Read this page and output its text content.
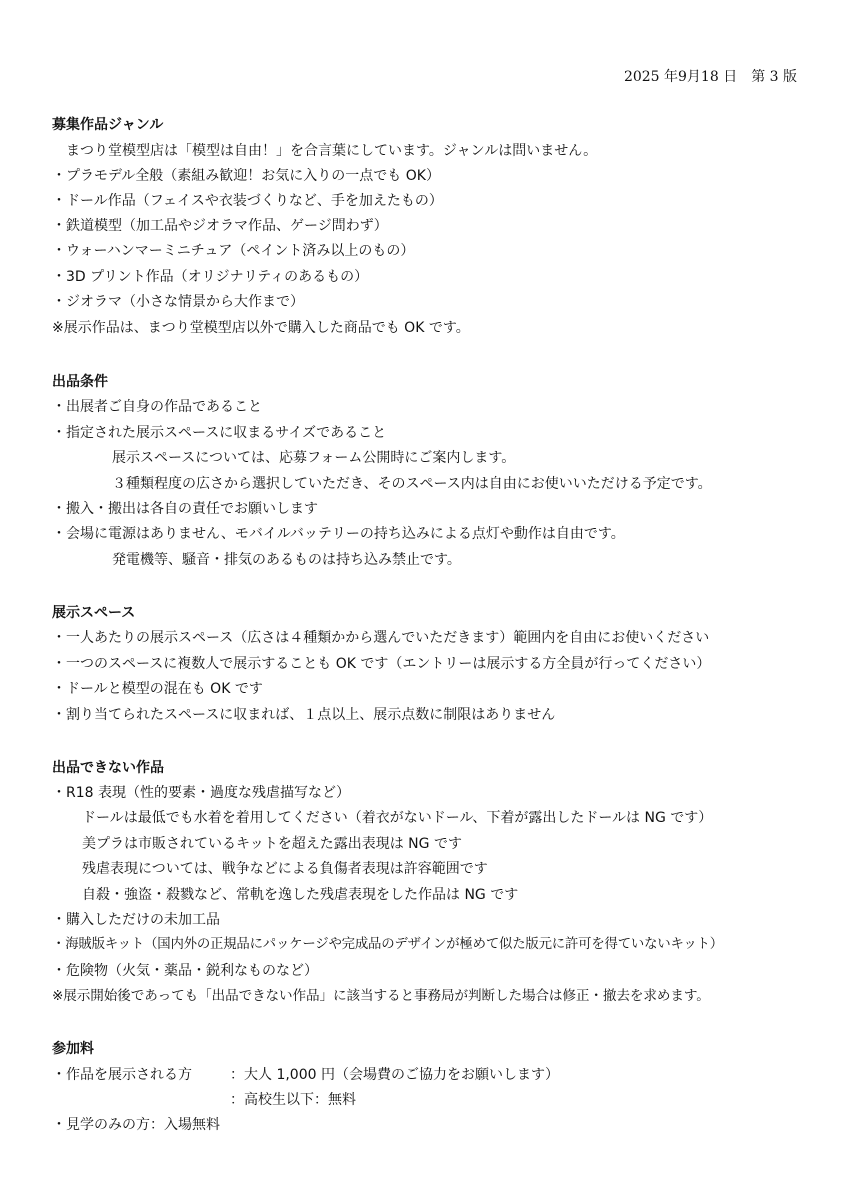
2025 年9月18 日　第 3 版
募集作品ジャンル
まつり堂模型店は「模型は自由！」を合言葉にしています。ジャンルは問いません。
・プラモデル全般（素組み歓迎！お気に入りの一点でも OK）
・ドール作品（フェイスや衣装づくりなど、手を加えたもの）
・鉄道模型（加工品やジオラマ作品、ゲージ問わず）
・ウォーハンマーミニチュア（ペイント済み以上のもの）
・3D プリント作品（オリジナリティのあるもの）
・ジオラマ（小さな情景から大作まで）
※展示作品は、まつり堂模型店以外で購入した商品でも OK です。
出品条件
・出展者ご自身の作品であること
・指定された展示スペースに収まるサイズであること
展示スペースについては、応募フォーム公開時にご案内します。
３種類程度の広さから選択していただき、そのスペース内は自由にお使いいただける予定です。
・搬入・搬出は各自の責任でお願いします
・会場に電源はありません、モバイルバッテリーの持ち込みによる点灯や動作は自由です。
発電機等、騒音・排気のあるものは持ち込み禁止です。
展示スペース
・一人あたりの展示スペース（広さは４種類かから選んでいただきます）範囲内を自由にお使いください
・一つのスペースに複数人で展示することも OK です（エントリーは展示する方全員が行ってください）
・ドールと模型の混在も OK です
・割り当てられたスペースに収まれば、１点以上、展示点数に制限はありません
出品できない作品
・R18 表現（性的要素・過度な残虐描写など）
ドールは最低でも水着を着用してください（着衣がないドール、下着が露出したドールは NG です）
美プラは市販されているキットを超えた露出表現は NG です
残虐表現については、戦争などによる負傷者表現は許容範囲です
自殺・強盗・殺戮など、常軌を逸した残虐表現をした作品は NG です
・購入しただけの未加工品
・海賊版キット（国内外の正規品にパッケージや完成品のデザインが極めて似た版元に許可を得ていないキット）
・危険物（火気・薬品・鋭利なものなど）
※展示開始後であっても「出品できない作品」に該当すると事務局が判断した場合は修正・撤去を求めます。
参加料
・作品を展示される方	：大人 1,000 円（会場費のご協力をお願いします）
：高校生以下：無料
・見学のみの方：入場無料
